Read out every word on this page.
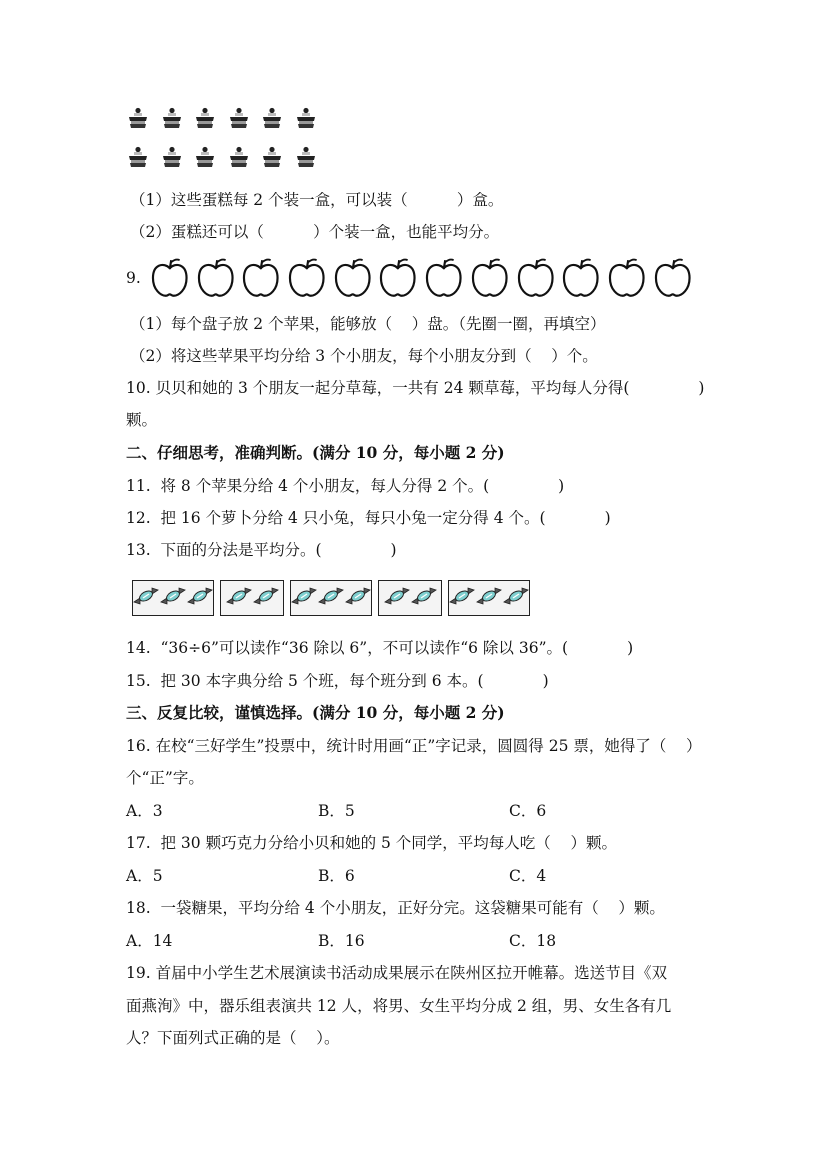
（1）这些蛋糕每 2 个装一盒，可以装（          ）盒。
（2）蛋糕还可以（          ）个装一盒，也能平均分。
9.
（1）每个盘子放 2 个苹果，能够放（    ）盘。（先圈一圈，再填空）
（2）将这些苹果平均分给 3 个小朋友，每个小朋友分到（    ）个。
10. 贝贝和她的 3 个朋友一起分草莓，一共有 24 颗草莓，平均每人分得(              )
颗。
二、仔细思考，准确判断。(满分 10 分，每小题 2 分)
11.  将 8 个苹果分给 4 个小朋友，每人分得 2 个。(              )
12.  把 16 个萝卜分给 4 只小兔，每只小兔一定分得 4 个。(            )
13.  下面的分法是平均分。(              )
14.  “36÷6”可以读作“36 除以 6”，不可以读作“6 除以 36”。(            )
15.  把 30 本字典分给 5 个班，每个班分到 6 本。(            )
三、反复比较，谨慎选择。(满分 10 分，每小题 2 分)
16. 在校“三好学生”投票中，统计时用画“正”字记录，圆圆得 25 票，她得了（    ）
个“正”字。
A．3	B．5	C．6
17.  把 30 颗巧克力分给小贝和她的 5 个同学，平均每人吃（    ）颗。
A．5	B．6	C．4
18.  一袋糖果，平均分给 4 个小朋友，正好分完。这袋糖果可能有（    ）颗。
A．14	B．16	C．18
19. 首届中小学生艺术展演读书活动成果展示在陕州区拉开帷幕。选送节目《双
面燕洵》中，器乐组表演共 12 人，将男、女生平均分成 2 组，男、女生各有几
人？下面列式正确的是（    ）。
